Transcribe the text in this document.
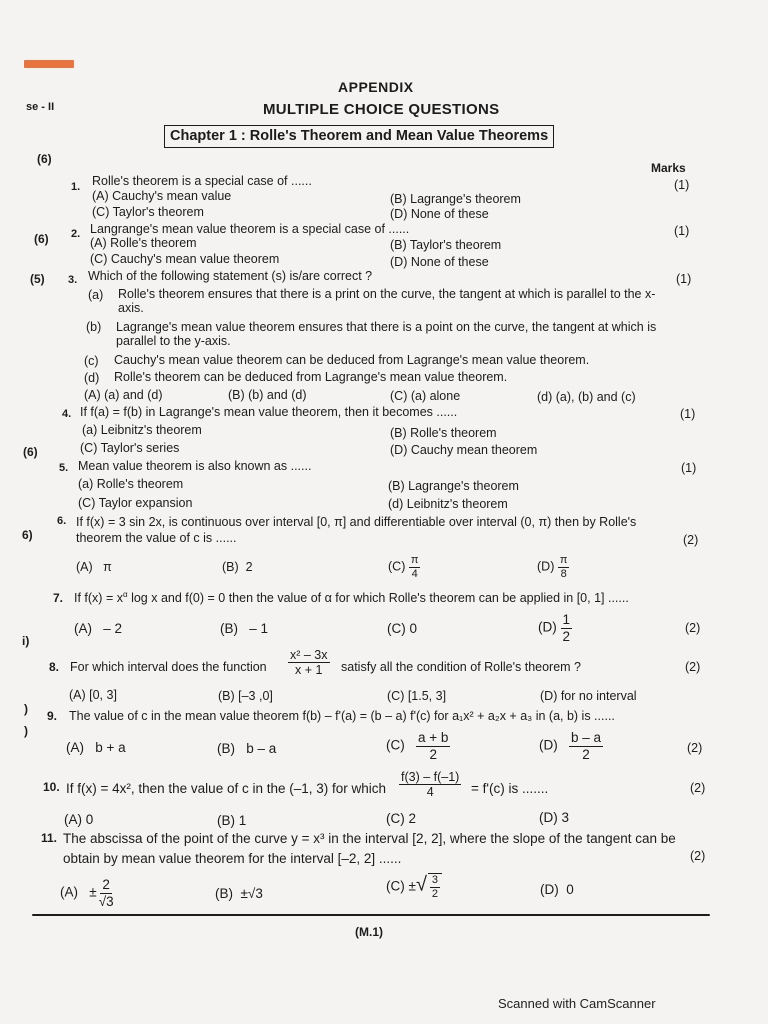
APPENDIX
MULTIPLE CHOICE QUESTIONS
Chapter 1 : Rolle's Theorem and Mean Value Theorems
se - II
Marks
(6)
(6)
(5)
(6)
6)
i)
)
)
1. Rolle's theorem is a special case of ......	(1)
(A) Cauchy's mean value	(B) Lagrange's theorem
(C) Taylor's theorem	(D) None of these
2. Langrange's mean value theorem is a special case of ......	(1)
(A) Rolle's theorem	(B) Taylor's theorem
(C) Cauchy's mean value theorem	(D) None of these
3. Which of the following statement (s) is/are correct ?	(1)
(a) Rolle's theorem ensures that there is a print on the curve, the tangent at which is parallel to the x-
axis.
(b) Lagrange's mean value theorem ensures that there is a point on the curve, the tangent at which is
parallel to the y-axis.
(c) Cauchy's mean value theorem can be deduced from Lagrange's mean value theorem.
(d) Rolle's theorem can be deduced from Lagrange's mean value theorem.
(A) (a) and (d)	(B) (b) and (d)	(C) (a) alone	(d) (a), (b) and (c)
4. If f(a) = f(b) in Lagrange's mean value theorem, then it becomes ......	(1)
(a) Leibnitz's theorem	(B) Rolle's theorem
(C) Taylor's series	(D) Cauchy mean theorem
5. Mean value theorem is also known as ......	(1)
(a) Rolle's theorem	(B) Lagrange's theorem
(C) Taylor expansion	(d) Leibnitz's theorem
6. If f(x) = 3 sin 2x, is continuous over interval [0, π] and differentiable over interval (0, π) then by Rolle's
theorem the value of c is ......	(2)
(A) π	(B) 2	$(C) \frac{\pi}{4}$	$(D) \frac{\pi}{8}$
7. If $f(x) = x^\alpha$ log x and f(0) = 0 then the value of α for which Rolle's theorem can be applied in [0, 1] ......
(2)
(A) – 2	(B) – 1	(C) 0	$(D) \frac{1}{2}$
8. For which interval does the function $\frac{\text{x² – 3x}}{x + 1}$ satisfy all the condition of Rolle's theorem ?	(2)
(A) [0, 3]	(B) [–3 ,0]	(C) [1.5, 3]	(D) for no interval
9. The value of c in the mean value theorem f(b) – f'(a) = (b – a) f'(c) for a₁x² + a₂x + a₃ in (a, b) is ......
(2)
(A) b + a	(B) b – a	$(C) \frac{a + b}{2}$	$(D) \frac{b - a}{2}$
10. If f(x) = 4x², then the value of c in the (–1, 3) for which $\frac{f(3) - f(-1)}{4} = f'(c)$ is .......	(2)
(A) 0	(B) 1	(C) 2	(D) 3
11. The abscissa of the point of the curve y = x³ in the interval [2, 2], where the slope of the tangent can be
obtain by mean value theorem for the interval [–2, 2] ......	(2)
$(A) \pm \frac{2}{√3}$	(B) ±√3	(C) ±√ $\frac{3}{2}$	(D) 0
(M.1)
Scanned with CamScanner
